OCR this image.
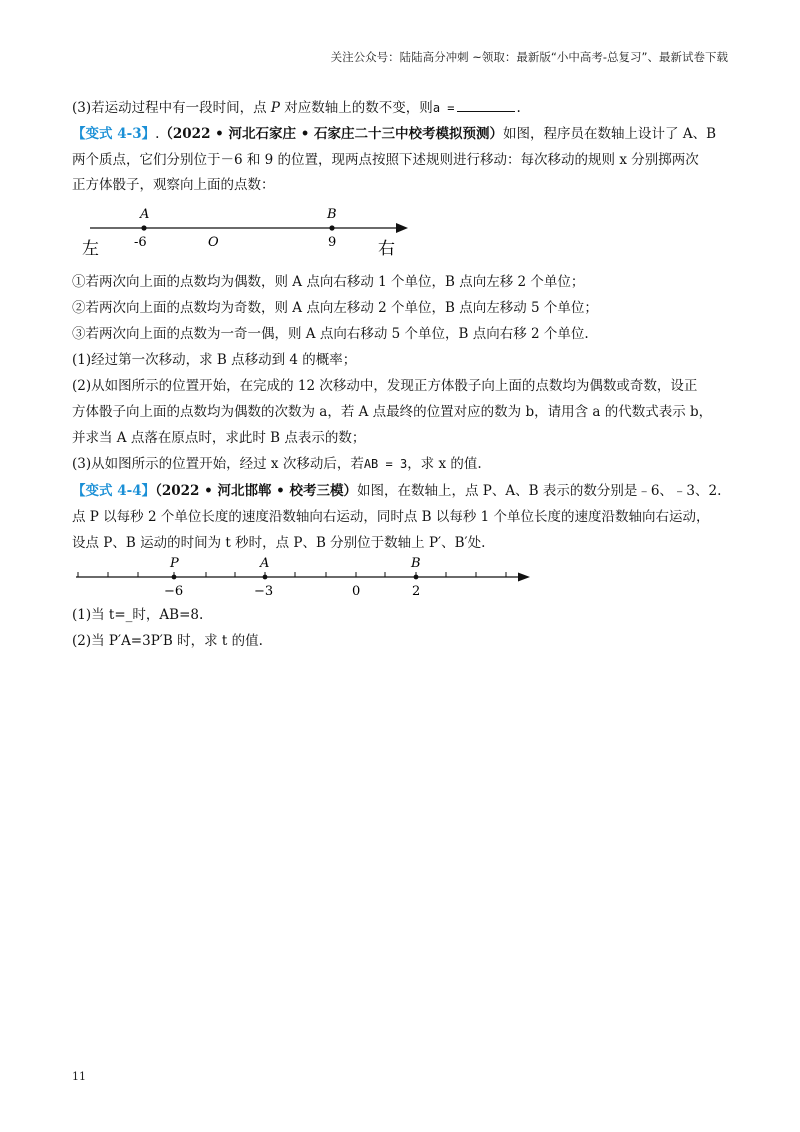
关注公众号：陆陆高分冲刺 ~领取：最新版“小中高考-总复习”、最新试卷下载
(3)若运动过程中有一段时间，点 P 对应数轴上的数不变，则a =	.
【变式 4-3】.（2022 • 河北石家庄 • 石家庄二十三中校考模拟预测）如图，程序员在数轴上设计了 A、B
两个质点，它们分别位于－6 和 9 的位置，现两点按照下述规则进行移动：每次移动的规则 x 分别掷两次
正方体骰子，观察向上面的点数：
左	右
A
-6	O
B
9
①若两次向上面的点数均为偶数，则 A 点向右移动 1 个单位，B 点向左移 2 个单位；
②若两次向上面的点数均为奇数，则 A 点向左移动 2 个单位，B 点向左移动 5 个单位；
③若两次向上面的点数为一奇一偶，则 A 点向右移动 5 个单位，B 点向右移 2 个单位.
(1)经过第一次移动，求 B 点移动到 4 的概率；
(2)从如图所示的位置开始，在完成的 12 次移动中，发现正方体骰子向上面的点数均为偶数或奇数，设正
方体骰子向上面的点数均为偶数的次数为 a，若 A 点最终的位置对应的数为 b，请用含 a 的代数式表示 b，
并求当 A 点落在原点时，求此时 B 点表示的数；
(3)从如图所示的位置开始，经过 x 次移动后，若AB = 3，求 x 的值.
【变式 4-4】（2022 • 河北邯郸 • 校考三模）如图，在数轴上，点 P、A、B 表示的数分别是﹣6、﹣3、2.
点 P 以每秒 2 个单位长度的速度沿数轴向右运动，同时点 B 以每秒 1 个单位长度的速度沿数轴向右运动，
设点 P、B 运动的时间为 t 秒时，点 P、B 分别位于数轴上 P′、B′处.
P
−6
A
−3	0
B
2
(1)当 t=_时，AB=8.
(2)当 P′A=3P′B 时，求 t 的值.
11
